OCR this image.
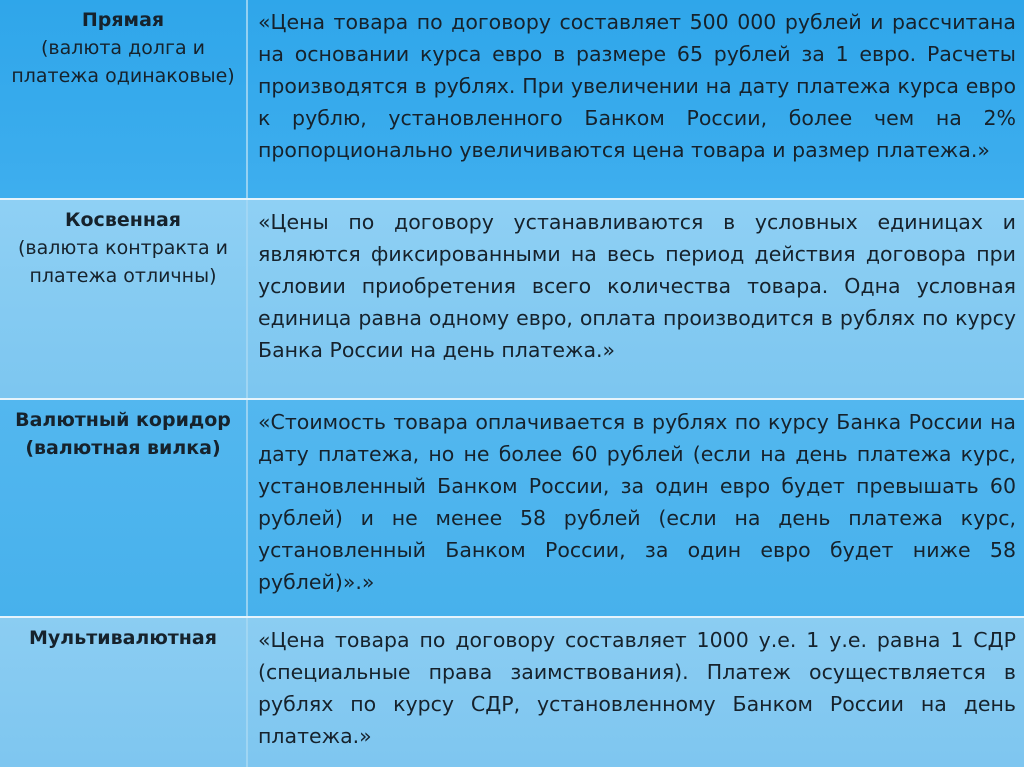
Прямая
(валюта долга и платежа одинаковые)
«Цена товара по договору составляет 500 000 рублей и рассчитана на основании курса евро в размере 65 рублей за 1 евро. Расчеты производятся в рублях. При увеличении на дату платежа курса евро к рублю, установленного Банком России, более чем на 2% пропорционально увеличиваются цена товара и размер платежа.»
Косвенная
(валюта контракта и платежа отличны)
«Цены по договору устанавливаются в условных единицах и являются фиксированными на весь период действия договора при условии приобретения всего количества товара. Одна условная единица равна одному евро, оплата производится в рублях по курсу Банка России на день платежа.»
Валютный коридор
(валютная вилка)
«Стоимость товара оплачивается в рублях по курсу Банка России на дату платежа, но не более 60 рублей (если на день платежа курс, установленный Банком России, за один евро будет превышать 60 рублей) и не менее 58 рублей (если на день платежа курс, установленный Банком России, за один евро будет ниже 58 рублей)».»
Мультивалютная	«Цена товара по договору составляет 1000 у.е. 1 у.е. равна 1 СДР (специальные права заимствования). Платеж осуществляется в рублях по курсу СДР, установленному Банком России на день платежа.»
